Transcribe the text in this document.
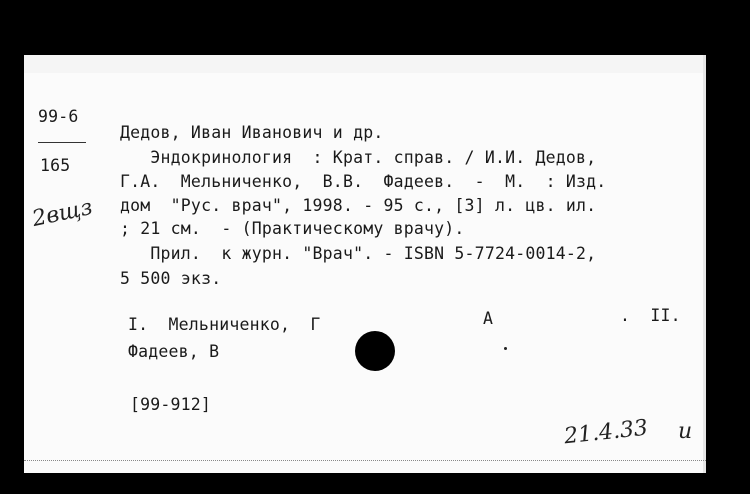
99-6
165
2вщз
Дедов, Иван Иванович и др.
Эндокринология  : Крат. справ. / И.И. Дедов,
Г.А.  Мельниченко,  В.В.  Фадеев.  -  М.  : Изд.
дом  "Рус. врач", 1998. - 95 с., [3] л. цв. ил.
; 21 см.  - (Практическому врачу).
Прил.  к журн. "Врач". - ISBN 5-7724-0014-2,
5 500 экз.
I.  Мельниченко,  Г	А	.  II.
Фадеев, В
[99-912]
21.4.33 и
